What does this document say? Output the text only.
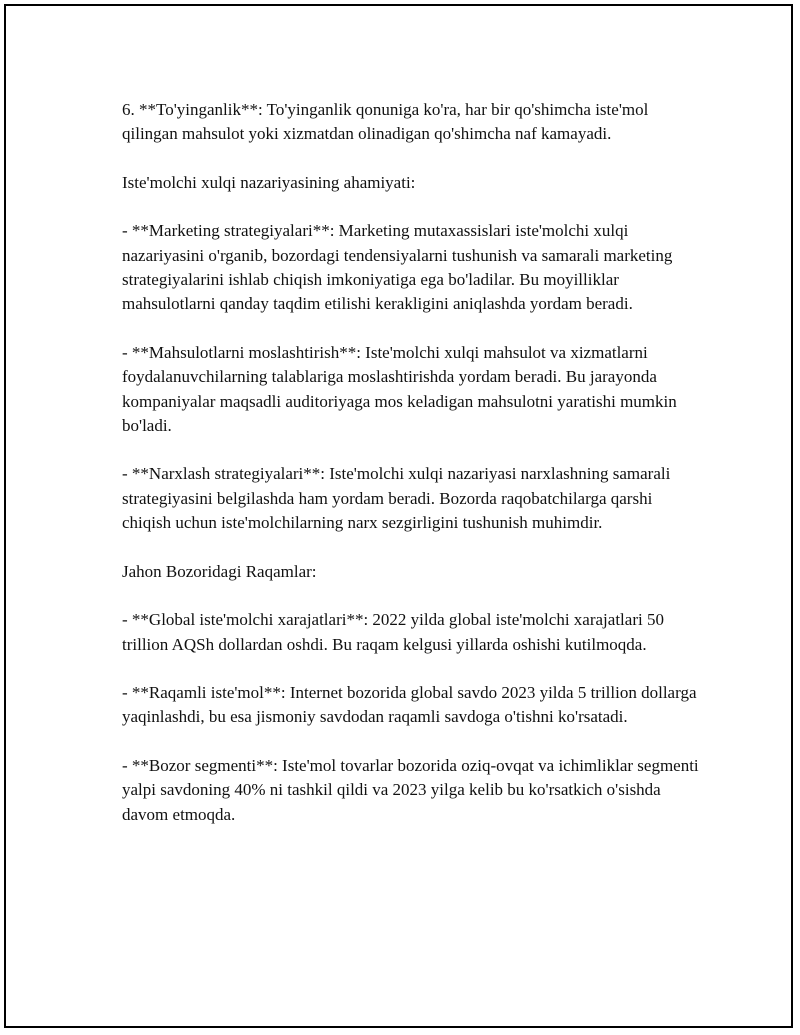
6. **To'yinganlik**: To'yinganlik qonuniga ko'ra, har bir qo'shimcha iste'mol qilingan mahsulot yoki xizmatdan olinadigan qo'shimcha naf kamayadi.

Iste'molchi xulqi nazariyasining ahamiyati:

- **Marketing strategiyalari**: Marketing mutaxassislari iste'molchi xulqi nazariyasini o'rganib, bozordagi tendensiyalarni tushunish va samarali marketing strategiyalarini ishlab chiqish imkoniyatiga ega bo'ladilar. Bu moyilliklar mahsulotlarni qanday taqdim etilishi kerakligini aniqlashda yordam beradi.

- **Mahsulotlarni moslashtirish**: Iste'molchi xulqi mahsulot va xizmatlarni foydalanuvchilarning talablariga moslashtirishda yordam beradi. Bu jarayonda kompaniyalar maqsadli auditoriyaga mos keladigan mahsulotni yaratishi mumkin bo'ladi.

- **Narxlash strategiyalari**: Iste'molchi xulqi nazariyasi narxlashning samarali strategiyasini belgilashda ham yordam beradi. Bozorda raqobatchilarga qarshi chiqish uchun iste'molchilarning narx sezgirligini tushunish muhimdir.

Jahon Bozoridagi Raqamlar:

- **Global iste'molchi xarajatlari**: 2022 yilda global iste'molchi xarajatlari 50 trillion AQSh dollardan oshdi. Bu raqam kelgusi yillarda oshishi kutilmoqda.

- **Raqamli iste'mol**: Internet bozorida global savdo 2023 yilda 5 trillion dollarga yaqinlashdi, bu esa jismoniy savdodan raqamli savdoga o'tishni ko'rsatadi.

- **Bozor segmenti**: Iste'mol tovarlar bozorida oziq-ovqat va ichimliklar segmenti yalpi savdoning 40% ni tashkil qildi va 2023 yilga kelib bu ko'rsatkich o'sishda davom etmoqda.
